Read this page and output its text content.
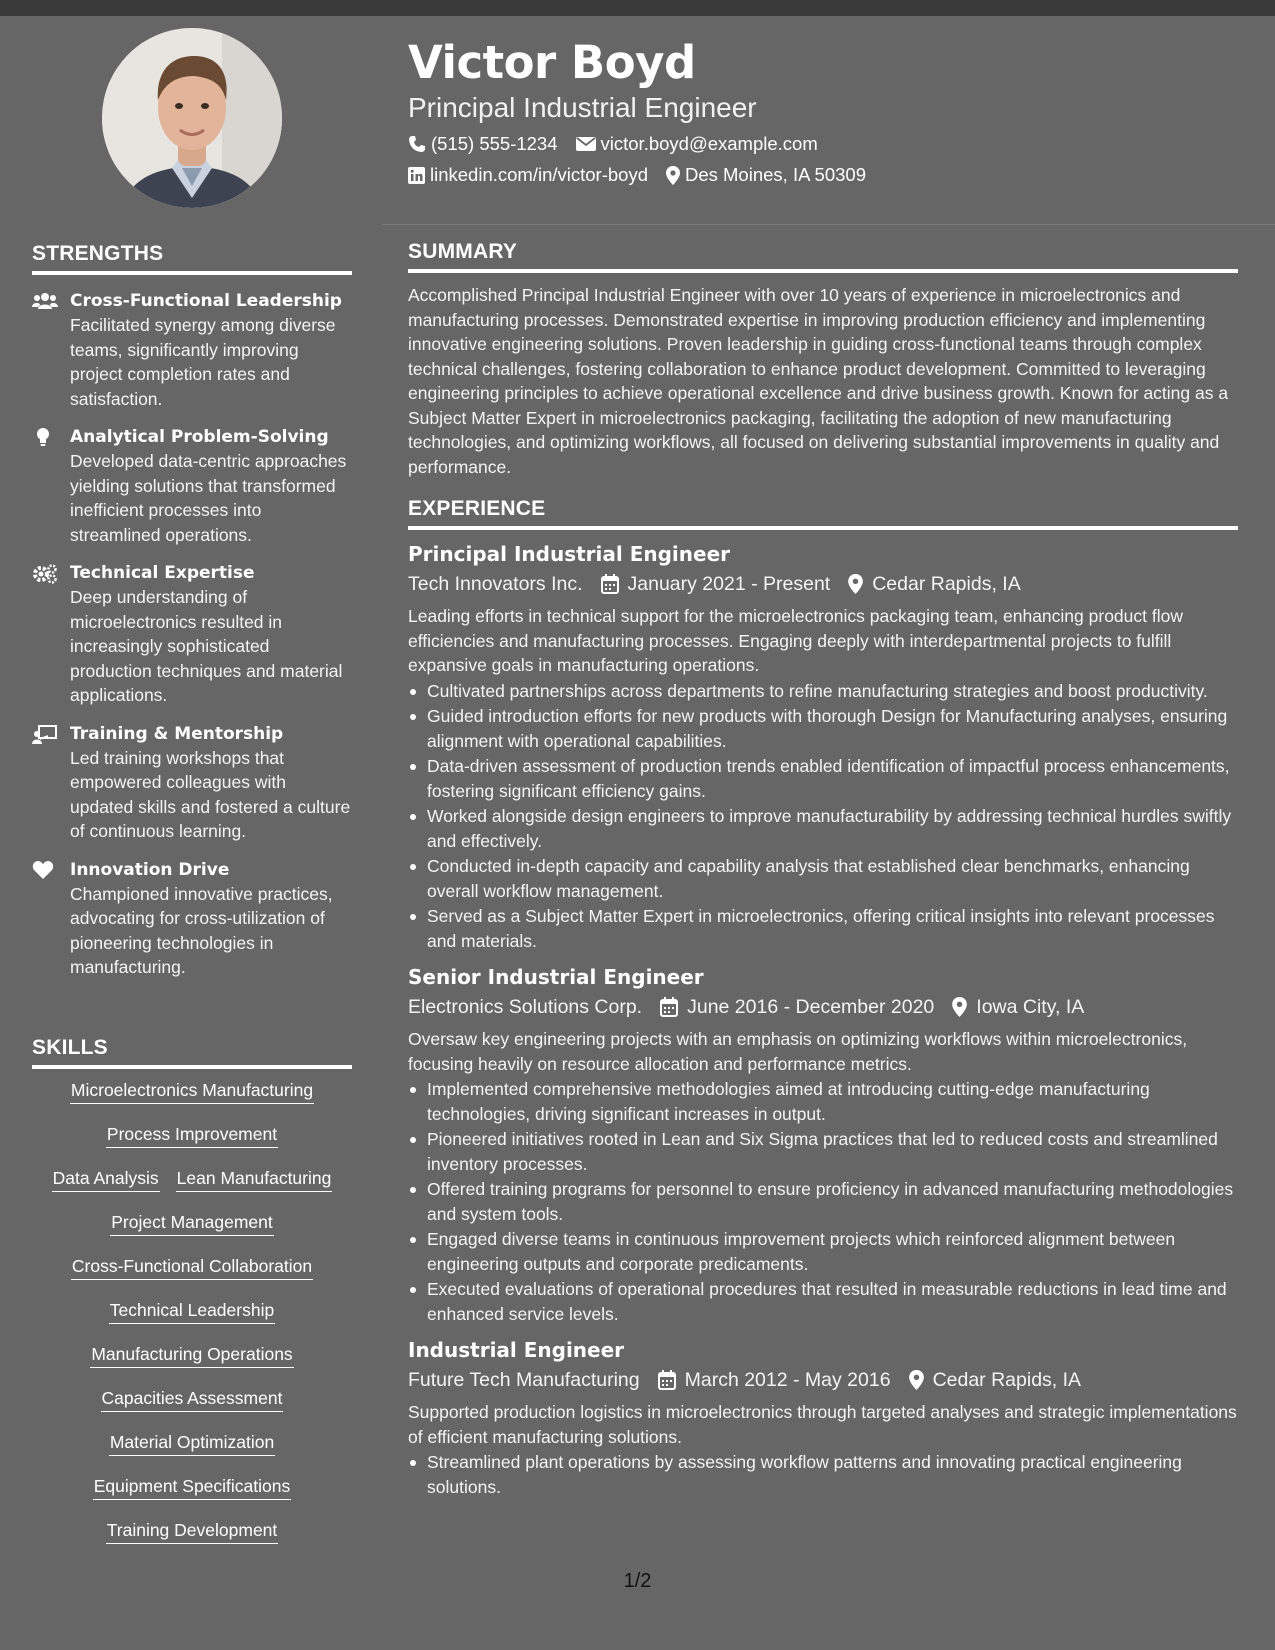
STRENGTHS
Cross-Functional Leadership
Facilitated synergy among diverse teams, significantly improving project completion rates and satisfaction.
Analytical Problem-Solving
Developed data-centric approaches yielding solutions that transformed inefficient processes into streamlined operations.
Technical Expertise
Deep understanding of microelectronics resulted in increasingly sophisticated production techniques and material applications.
Training & Mentorship
Led training workshops that empowered colleagues with updated skills and fostered a culture of continuous learning.
Innovation Drive
Championed innovative practices, advocating for cross-utilization of pioneering technologies in manufacturing.
SKILLS
Microelectronics Manufacturing
Process Improvement
Data Analysis Lean Manufacturing
Project Management
Cross-Functional Collaboration
Technical Leadership
Manufacturing Operations
Capacities Assessment
Material Optimization
Equipment Specifications
Training Development
Victor Boyd
Principal Industrial Engineer
(515) 555-1234 victor.boyd@example.com
linkedin.com/in/victor-boyd Des Moines, IA 50309
SUMMARY
Accomplished Principal Industrial Engineer with over 10 years of experience in microelectronics and manufacturing processes. Demonstrated expertise in improving production efficiency and implementing innovative engineering solutions. Proven leadership in guiding cross-functional teams through complex technical challenges, fostering collaboration to enhance product development. Committed to leveraging engineering principles to achieve operational excellence and drive business growth. Known for acting as a Subject Matter Expert in microelectronics packaging, facilitating the adoption of new manufacturing technologies, and optimizing workflows, all focused on delivering substantial improvements in quality and performance.
EXPERIENCE
Principal Industrial Engineer
Tech Innovators Inc. January 2021 - Present Cedar Rapids, IA
Leading efforts in technical support for the microelectronics packaging team, enhancing product flow efficiencies and manufacturing processes. Engaging deeply with interdepartmental projects to fulfill expansive goals in manufacturing operations.
Cultivated partnerships across departments to refine manufacturing strategies and boost productivity.
Guided introduction efforts for new products with thorough Design for Manufacturing analyses, ensuring alignment with operational capabilities.
Data-driven assessment of production trends enabled identification of impactful process enhancements, fostering significant efficiency gains.
Worked alongside design engineers to improve manufacturability by addressing technical hurdles swiftly and effectively.
Conducted in-depth capacity and capability analysis that established clear benchmarks, enhancing overall workflow management.
Served as a Subject Matter Expert in microelectronics, offering critical insights into relevant processes and materials.
Senior Industrial Engineer
Electronics Solutions Corp. June 2016 - December 2020 Iowa City, IA
Oversaw key engineering projects with an emphasis on optimizing workflows within microelectronics, focusing heavily on resource allocation and performance metrics.
Implemented comprehensive methodologies aimed at introducing cutting-edge manufacturing technologies, driving significant increases in output.
Pioneered initiatives rooted in Lean and Six Sigma practices that led to reduced costs and streamlined inventory processes.
Offered training programs for personnel to ensure proficiency in advanced manufacturing methodologies and system tools.
Engaged diverse teams in continuous improvement projects which reinforced alignment between engineering outputs and corporate predicaments.
Executed evaluations of operational procedures that resulted in measurable reductions in lead time and enhanced service levels.
Industrial Engineer
Future Tech Manufacturing March 2012 - May 2016 Cedar Rapids, IA
Supported production logistics in microelectronics through targeted analyses and strategic implementations of efficient manufacturing solutions.
Streamlined plant operations by assessing workflow patterns and innovating practical engineering solutions.
1/2
